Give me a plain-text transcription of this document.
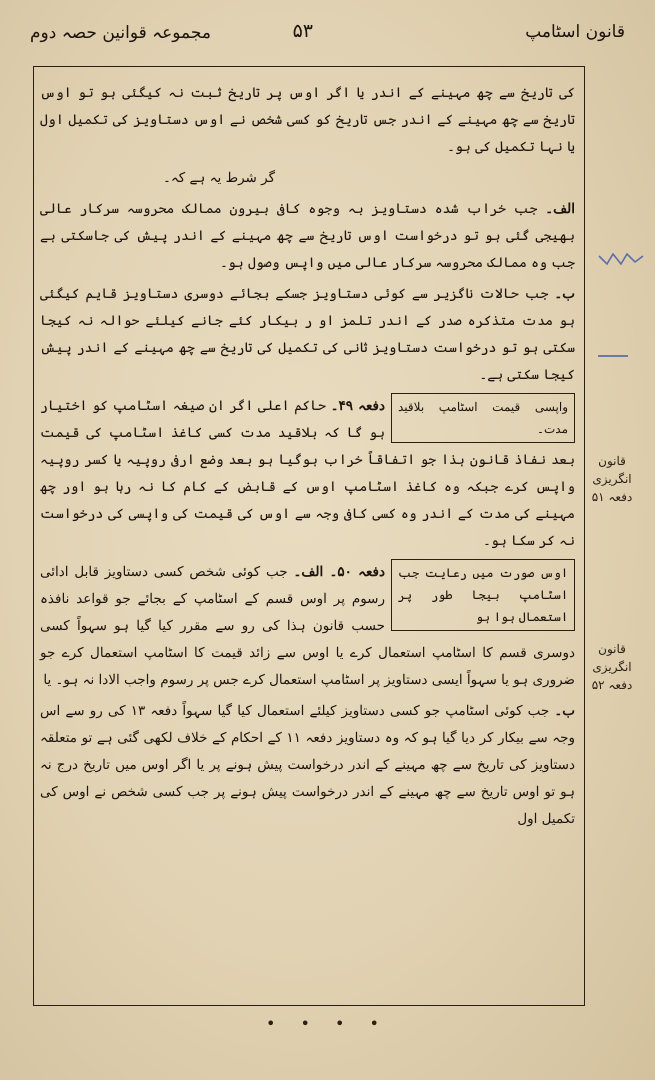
قانون اسٹامپ
۵۳
مجموعہ قوانین حصہ دوم

کی تاریخ سے چھ مہینے کے اندر یا اگر اوس پر تاریخ ثبت نہ کیگئی ہو تو اوس تاریخ سے چھ مہینے کے اندر جس تاریخ کو کسی شخص نے اوس دستاویز کی تکمیل اول یا نہا تکمیل کی ہو۔

گر شرط یہ ہے کہ۔

الف۔ جب خراب شدہ دستاویز بہ وجوہ کافی بیرون ممالک محروسہ سرکار عالی بھیجی گئی ہو تو درخواست اوس تاریخ سے چھ مہینے کے اندر پیش کی جاسکتی ہے جب وہ ممالک محروسہ سرکار عالی میں واپس وصول ہو۔

ب۔ جب حالات ناگزیر سے کوئی دستاویز جسکے بجائے دوسری دستاویز قایم کیگئی ہو مدت متذکرہ صدر کے اندر تلمز او ر بیکار کئے جانے کیلئے حوالہ نہ کیجا سکتی ہو تو درخواست دستاویز ثانی کی تکمیل کی تاریخ سے چھ مہینے کے اندر پیش کیجا سکتی ہے۔

واپسی قیمت اسٹامپ بلاقید مدت۔
دفعہ ۴۹۔ حاکم اعلی اگر ان صیغہ اسٹامپ کو اختیار ہو گا کہ بلاقید مدت کسی کاغذ اسٹامپ کی قیمت بعد نفاذ قانون ہذا جو اتفاقاً خراب ہوگیا ہو بعد وضع ارفی روپیہ یا کسر روپیہ واپس کرے جبکہ وہ کاغذ اسٹامپ اوس کے قابض کے کام کا نہ رہا ہو اور چھ مہینے کی مدت کے اندر وہ کسی کافی وجہ سے اوس کی قیمت کی واپسی کی درخواست نہ کر سکا ہو۔

اوس صورت میں رعایت جب اسٹامپ بیجا طور پر استعمال ہوا ہو
دفعہ ۵۰۔ الف۔ جب کوئی شخص کسی دستاویز قابل ادائی رسوم پر اوس قسم کے اسٹامپ کے بجائے جو قواعد نافذہ حسب قانون ہذا کی رو سے مقرر کیا گیا ہو سہواً کسی دوسری قسم کا اسٹامپ استعمال کرے یا اوس سے زائد قیمت کا اسٹامپ استعمال کرے جو ضروری ہو یا سہواً ایسی دستاویز پر اسٹامپ استعمال کرے جس پر رسوم واجب الادا نہ ہو۔ یا

ب۔ جب کوئی اسٹامپ جو کسی دستاویز کیلئے استعمال کیا گیا سہواً دفعہ ۱۳ کی رو سے اس وجہ سے بیکار کر دیا گیا ہو کہ وہ دستاویز دفعہ ۱۱ کے احکام کے خلاف لکھی گئی ہے تو متعلقہ دستاویز کی تاریخ سے چھ مہینے کے اندر درخواست پیش ہونے پر یا اگر اوس میں تاریخ درج نہ ہو تو اوس تاریخ سے چھ مہینے کے اندر درخواست پیش ہونے پر جب کسی شخص نے اوس کی تکمیل اول

قانون انگریزی دفعہ ۵۱
قانون انگریزی دفعہ ۵۲
• • • •
